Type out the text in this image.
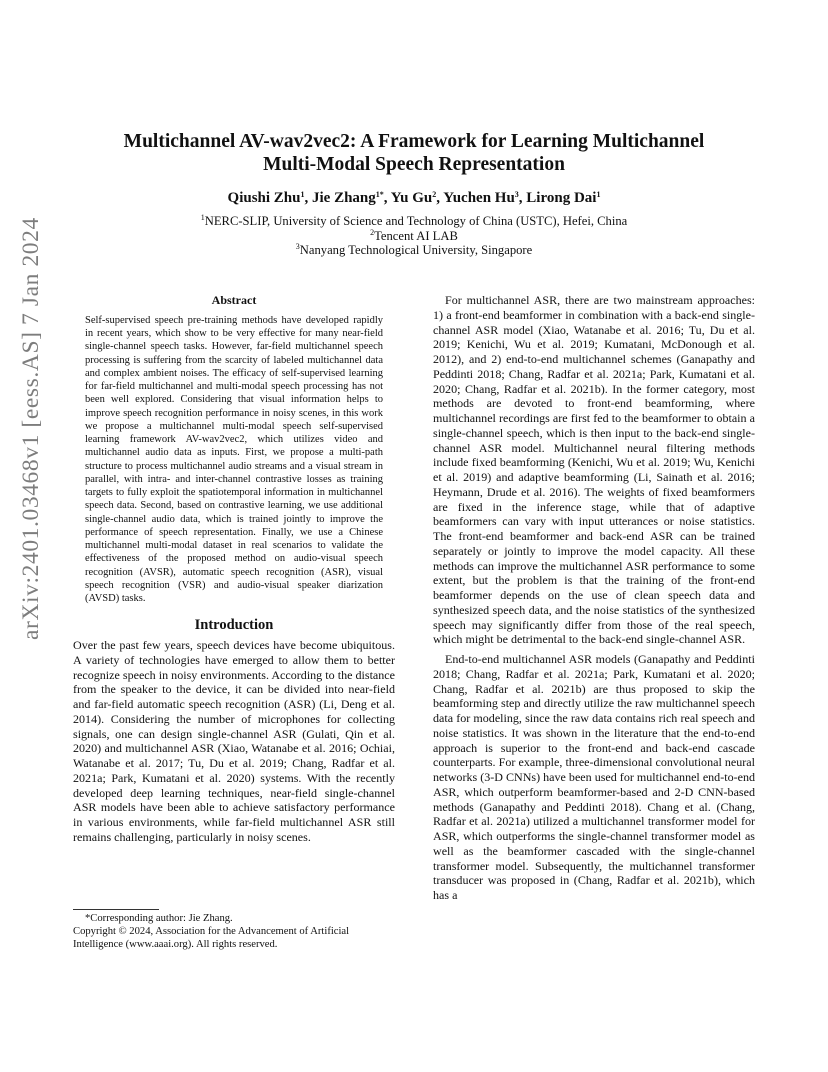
arXiv:2401.03468v1 [eess.AS] 7 Jan 2024
Multichannel AV-wav2vec2: A Framework for Learning Multichannel
Multi-Modal Speech Representation
Qiushi Zhu$^1$, Jie Zhang$^{1*}$, Yu Gu$^2$, Yuchen Hu$^3$, Lirong Dai$^1$
$^1$NERC-SLIP, University of Science and Technology of China (USTC), Hefei, China
$^2$Tencent AI LAB
$^3$Nanyang Technological University, Singapore
Abstract

Self-supervised speech pre-training methods have developed rapidly in recent years, which show to be very effective for many near-field single-channel speech tasks. However, far-field multichannel speech processing is suffering from the scarcity of labeled multichannel data and complex ambient noises. The efficacy of self-supervised learning for far-field multichannel and multi-modal speech processing has not been well explored. Considering that visual information helps to improve speech recognition performance in noisy scenes, in this work we propose a multichannel multi-modal speech self-supervised learning framework AV-wav2vec2, which utilizes video and multichannel audio data as inputs. First, we propose a multi-path structure to process multichannel audio streams and a visual stream in parallel, with intra- and inter-channel contrastive losses as training targets to fully exploit the spatiotemporal information in multichannel speech data. Second, based on contrastive learning, we use additional single-channel audio data, which is trained jointly to improve the performance of speech representation. Finally, we use a Chinese multichannel multi-modal dataset in real scenarios to validate the effectiveness of the proposed method on audio-visual speech recognition (AVSR), automatic speech recognition (ASR), visual speech recognition (VSR) and audio-visual speaker diarization (AVSD) tasks.

Introduction

Over the past few years, speech devices have become ubiquitous. A variety of technologies have emerged to allow them to better recognize speech in noisy environments. According to the distance from the speaker to the device, it can be divided into near-field and far-field automatic speech recognition (ASR) (Li, Deng et al. 2014). Considering the number of microphones for collecting signals, one can design single-channel ASR (Gulati, Qin et al. 2020) and multichannel ASR (Xiao, Watanabe et al. 2016; Ochiai, Watanabe et al. 2017; Tu, Du et al. 2019; Chang, Radfar et al. 2021a; Park, Kumatani et al. 2020) systems. With the recently developed deep learning techniques, near-field single-channel ASR models have been able to achieve satisfactory performance in various environments, while far-field multichannel ASR still remains challenging, particularly in noisy scenes.

*Corresponding author: Jie Zhang.

Copyright © 2024, Association for the Advancement of Artificial Intelligence (www.aaai.org). All rights reserved.

For multichannel ASR, there are two mainstream approaches: 1) a front-end beamformer in combination with a back-end single-channel ASR model (Xiao, Watanabe et al. 2016; Tu, Du et al. 2019; Kenichi, Wu et al. 2019; Kumatani, McDonough et al. 2012), and 2) end-to-end multichannel schemes (Ganapathy and Peddinti 2018; Chang, Radfar et al. 2021a; Park, Kumatani et al. 2020; Chang, Radfar et al. 2021b). In the former category, most methods are devoted to front-end beamforming, where multichannel recordings are first fed to the beamformer to obtain a single-channel speech, which is then input to the back-end single-channel ASR model. Multichannel neural filtering methods include fixed beamforming (Kenichi, Wu et al. 2019; Wu, Kenichi et al. 2019) and adaptive beamforming (Li, Sainath et al. 2016; Heymann, Drude et al. 2016). The weights of fixed beamformers are fixed in the inference stage, while that of adaptive beamformers can vary with input utterances or noise statistics. The front-end beamformer and back-end ASR can be trained separately or jointly to improve the model capacity. All these methods can improve the multichannel ASR performance to some extent, but the problem is that the training of the front-end beamformer depends on the use of clean speech data and synthesized speech data, and the noise statistics of the synthesized speech may significantly differ from those of the real speech, which might be detrimental to the back-end single-channel ASR.

End-to-end multichannel ASR models (Ganapathy and Peddinti 2018; Chang, Radfar et al. 2021a; Park, Kumatani et al. 2020; Chang, Radfar et al. 2021b) are thus proposed to skip the beamforming step and directly utilize the raw multichannel speech data for modeling, since the raw data contains rich real speech and noise statistics. It was shown in the literature that the end-to-end approach is superior to the front-end and back-end cascade counterparts. For example, three-dimensional convolutional neural networks (3-D CNNs) have been used for multichannel end-to-end ASR, which outperform beamformer-based and 2-D CNN-based methods (Ganapathy and Peddinti 2018). Chang et al. (Chang, Radfar et al. 2021a) utilized a multichannel transformer model for ASR, which outperforms the single-channel transformer model as well as the beamformer cascaded with the single-channel transformer model. Subsequently, the multichannel transformer transducer was proposed in (Chang, Radfar et al. 2021b), which has a
